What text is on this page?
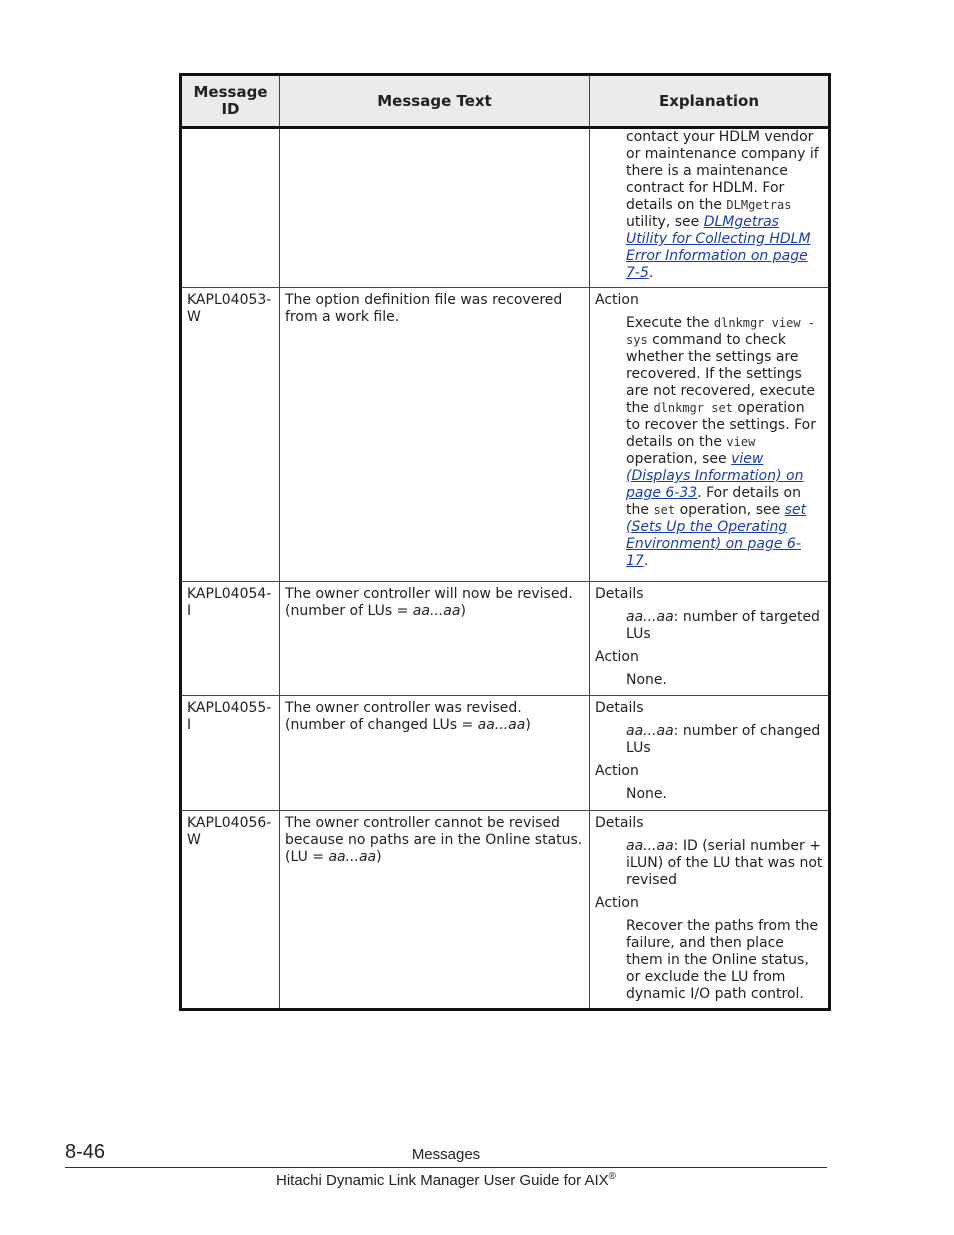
Message ID	Message Text	Explanation

		contact your HDLM vendor or maintenance company if there is a maintenance contract for HDLM. For details on the DLMgetras utility, see DLMgetras Utility for Collecting HDLM Error Information on page 7-5.

KAPL04053-W	The option definition file was recovered from a work file.	Action
Execute the dlnkmgr view -sys command to check whether the settings are recovered. If the settings are not recovered, execute the dlnkmgr set operation to recover the settings. For details on the view operation, see view (Displays Information) on page 6-33. For details on the set operation, see set (Sets Up the Operating Environment) on page 6-17.

KAPL04054-I	The owner controller will now be revised. (number of LUs = aa...aa)	Details
aa...aa: number of targeted LUs
Action
None.

KAPL04055-I	The owner controller was revised. (number of changed LUs = aa...aa)	Details
aa...aa: number of changed LUs
Action
None.

KAPL04056-W	The owner controller cannot be revised because no paths are in the Online status. (LU = aa...aa)	Details
aa...aa: ID (serial number + iLUN) of the LU that was not revised
Action
Recover the paths from the failure, and then place them in the Online status, or exclude the LU from dynamic I/O path control.
8-46	Messages
Hitachi Dynamic Link Manager User Guide for AIX®
